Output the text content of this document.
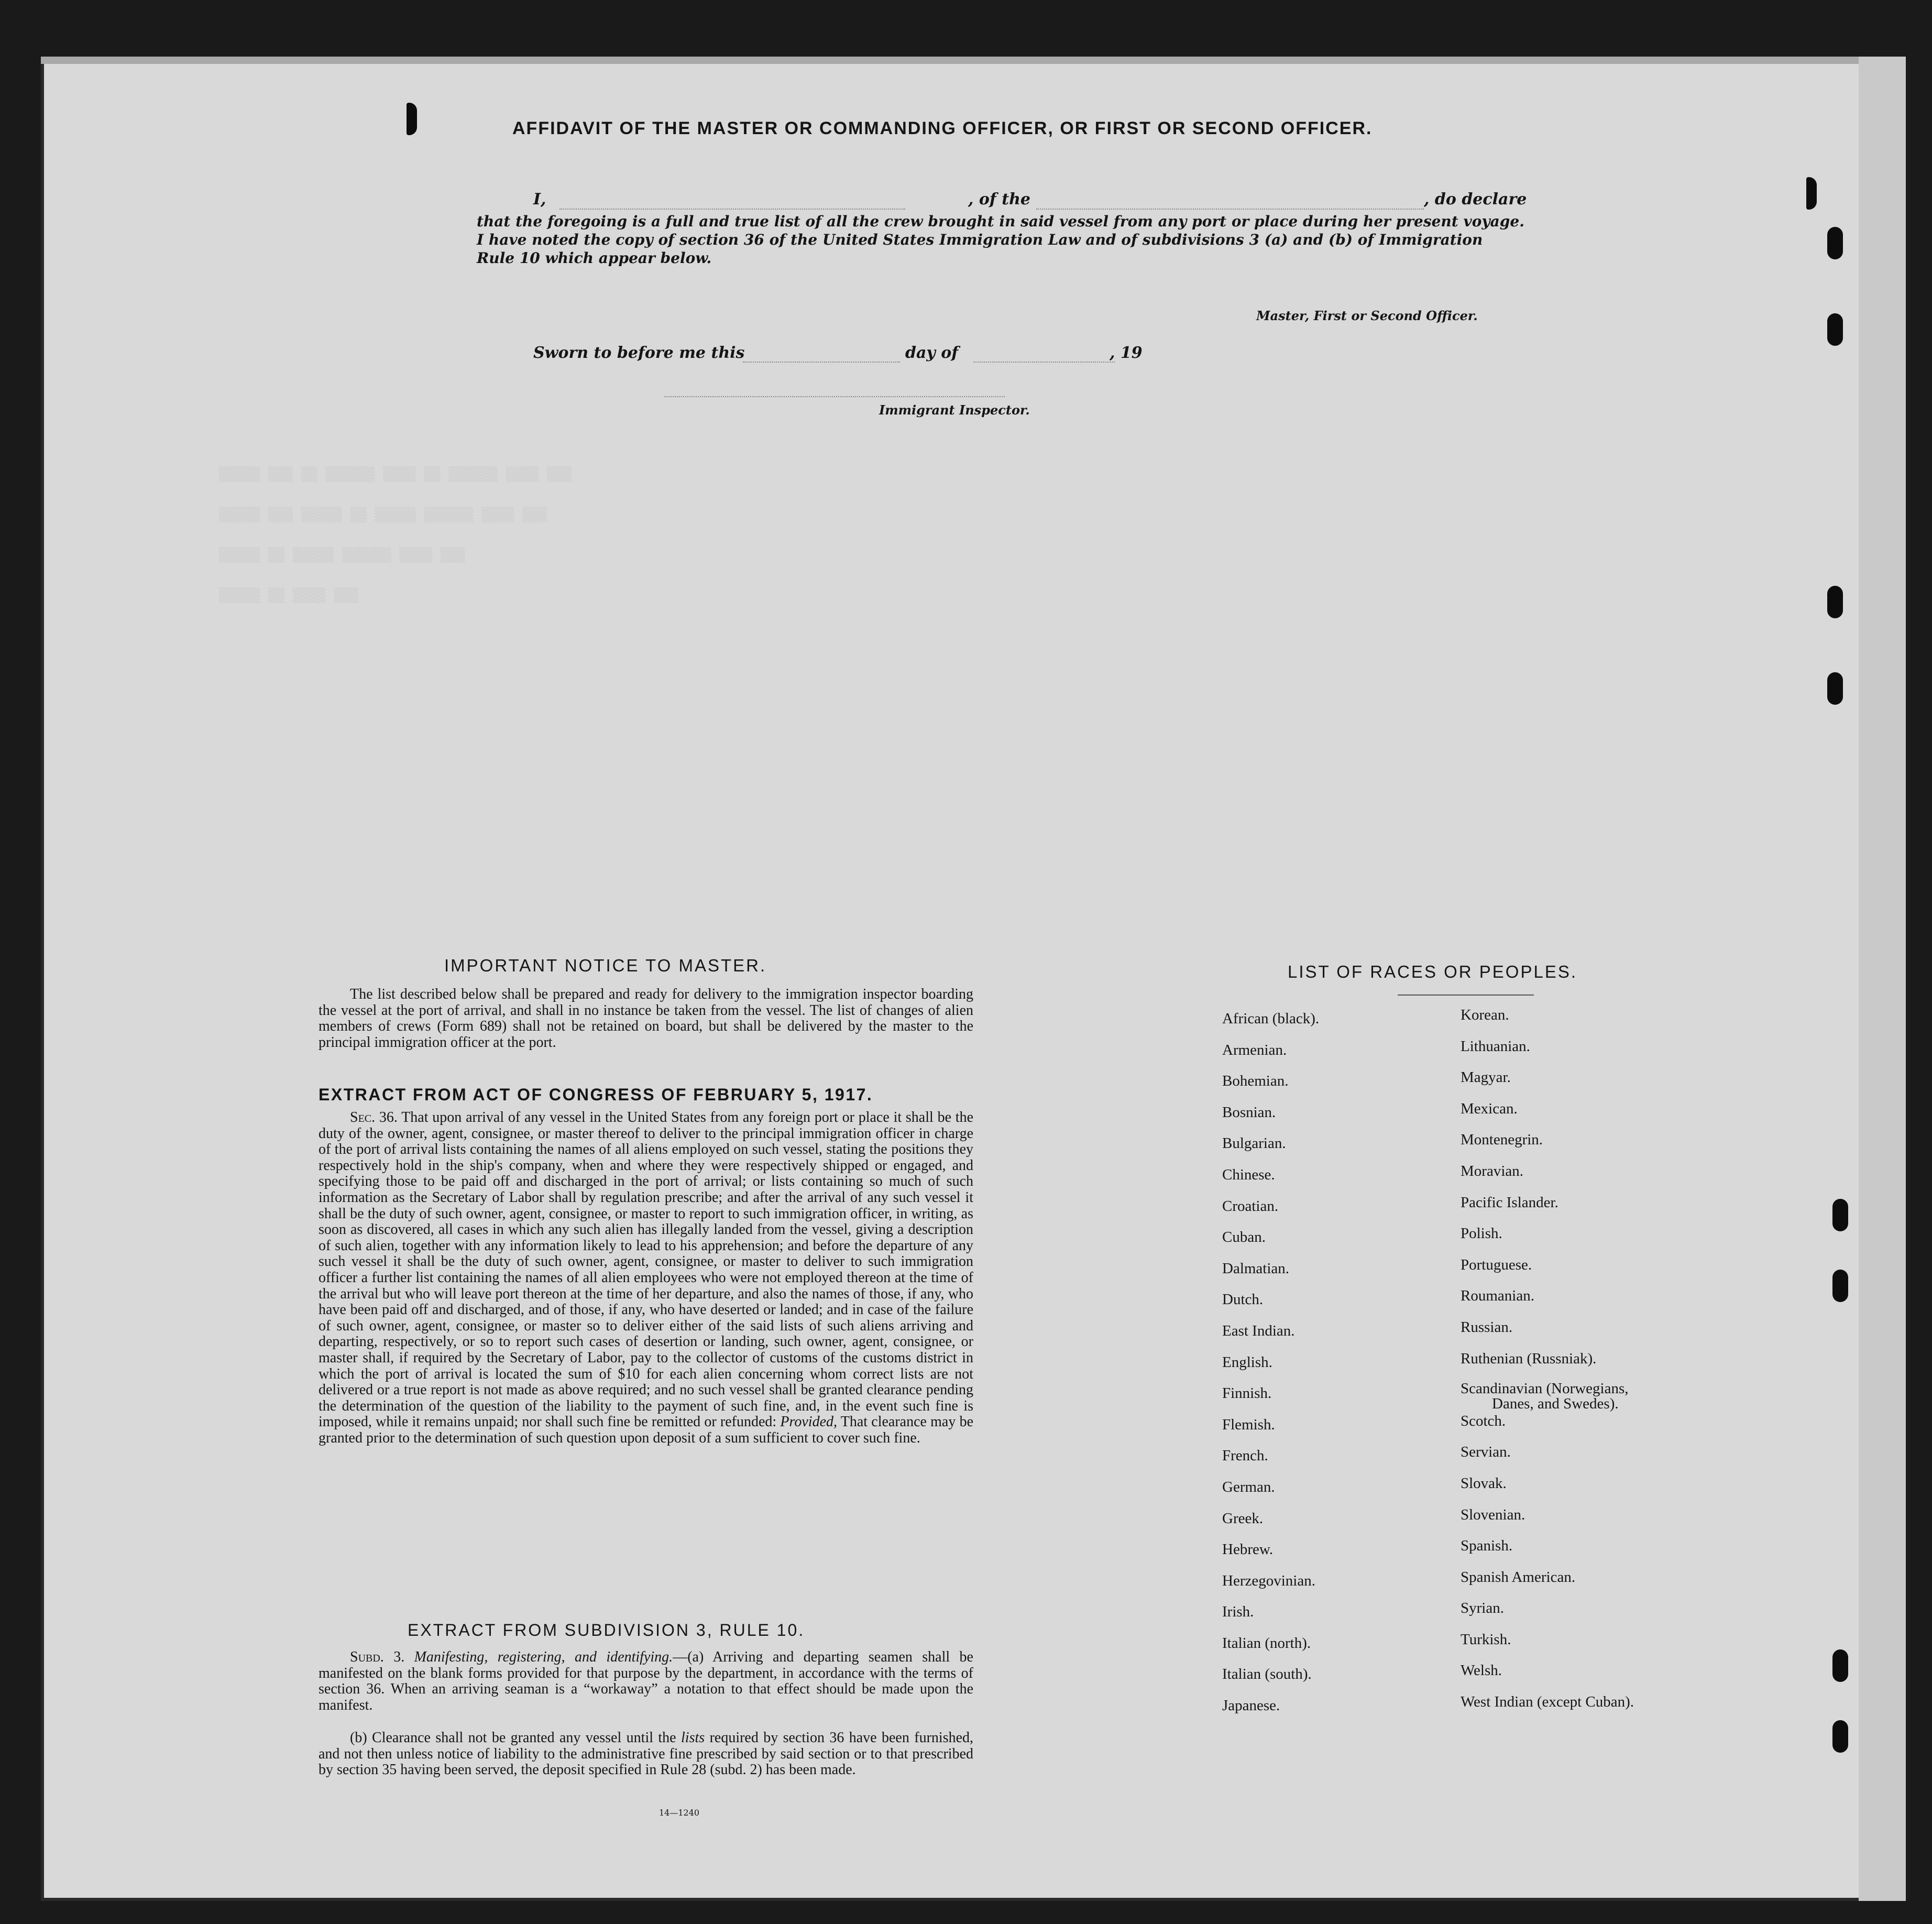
▒▒▒▒▒ ▒▒▒ ▒▒ ▒▒▒▒▒▒ ▒▒▒▒ ▒▒ ▒▒▒▒▒▒ ▒▒▒▒ ▒▒▒
▒▒▒▒▒ ▒▒▒ ▒▒▒▒▒ ▒▒ ▒▒▒▒▒ ▒▒▒▒▒▒ ▒▒▒▒ ▒▒▒
▒▒▒▒▒ ▒▒ ▒▒▒▒▒ ▒▒▒▒▒▒ ▒▒▒▒ ▒▒▒
▒▒▒▒▒ ▒▒ ▒▒▒▒ ▒▒▒
AFFIDAVIT OF THE MASTER OR COMMANDING OFFICER, OR FIRST OR SECOND OFFICER.
I,	, of the	, do declare
that the foregoing is a full and true list of all the crew brought in said vessel from any port or place during her present voyage.
I have noted the copy of section 36 of the United States Immigration Law and of subdivisions 3 (a) and (b) of Immigration
Rule 10 which appear below.
Master, First or Second Officer.
Sworn to before me this	day of	, 19
Immigrant Inspector.
IMPORTANT NOTICE TO MASTER.
The list described below shall be prepared and ready for delivery to the immigration inspector boarding the vessel at the port of arrival, and shall in no instance be taken from the vessel. The list of changes of alien members of crews (Form 689) shall not be retained on board, but shall be delivered by the master to the principal immigration officer at the port.
EXTRACT FROM ACT OF CONGRESS OF FEBRUARY 5, 1917.
Sec. 36. That upon arrival of any vessel in the United States from any foreign port or place it shall be the duty of the owner, agent, consignee, or master thereof to deliver to the principal immigration officer in charge of the port of arrival lists containing the names of all aliens employed on such vessel, stating the positions they respectively hold in the ship's company, when and where they were respectively shipped or engaged, and specifying those to be paid off and discharged in the port of arrival; or lists containing so much of such information as the Secretary of Labor shall by regulation prescribe; and after the arrival of any such vessel it shall be the duty of such owner, agent, consignee, or master to report to such immigration officer, in writing, as soon as discovered, all cases in which any such alien has illegally landed from the vessel, giving a description of such alien, together with any information likely to lead to his apprehension; and before the departure of any such vessel it shall be the duty of such owner, agent, consignee, or master to deliver to such immigration officer a further list containing the names of all alien employees who were not employed thereon at the time of the arrival but who will leave port thereon at the time of her departure, and also the names of those, if any, who have been paid off and discharged, and of those, if any, who have deserted or landed; and in case of the failure of such owner, agent, consignee, or master so to deliver either of the said lists of such aliens arriving and departing, respectively, or so to report such cases of desertion or landing, such owner, agent, consignee, or master shall, if required by the Secretary of Labor, pay to the collector of customs of the customs district in which the port of arrival is located the sum of $10 for each alien concerning whom correct lists are not delivered or a true report is not made as above required; and no such vessel shall be granted clearance pending the determination of the question of the liability to the payment of such fine, and, in the event such fine is imposed, while it remains unpaid; nor shall such fine be remitted or refunded: Provided, That clearance may be granted prior to the determination of such question upon deposit of a sum sufficient to cover such fine.
EXTRACT FROM SUBDIVISION 3, RULE 10.
Subd. 3. Manifesting, registering, and identifying.—(a) Arriving and departing seamen shall be manifested on the blank forms provided for that purpose by the department, in accordance with the terms of section 36. When an arriving seaman is a “workaway” a notation to that effect should be made upon the manifest.
(b) Clearance shall not be granted any vessel until the lists required by section 36 have been furnished, and not then unless notice of liability to the administrative fine prescribed by said section or to that prescribed by section 35 having been served, the deposit specified in Rule 28 (subd. 2) has been made.
14—1240
LIST OF RACES OR PEOPLES.
African (black).
Armenian.
Bohemian.
Bosnian.
Bulgarian.
Chinese.
Croatian.
Cuban.
Dalmatian.
Dutch.
East Indian.
English.
Finnish.
Flemish.
French.
German.
Greek.
Hebrew.
Herzegovinian.
Irish.
Italian (north).
Italian (south).
Japanese.
Korean.
Lithuanian.
Magyar.
Mexican.
Montenegrin.
Moravian.
Pacific Islander.
Polish.
Portuguese.
Roumanian.
Russian.
Ruthenian (Russniak).
Scandinavian (Norwegians,
Danes, and Swedes).
Scotch.
Servian.
Slovak.
Slovenian.
Spanish.
Spanish American.
Syrian.
Turkish.
Welsh.
West Indian (except Cuban).
